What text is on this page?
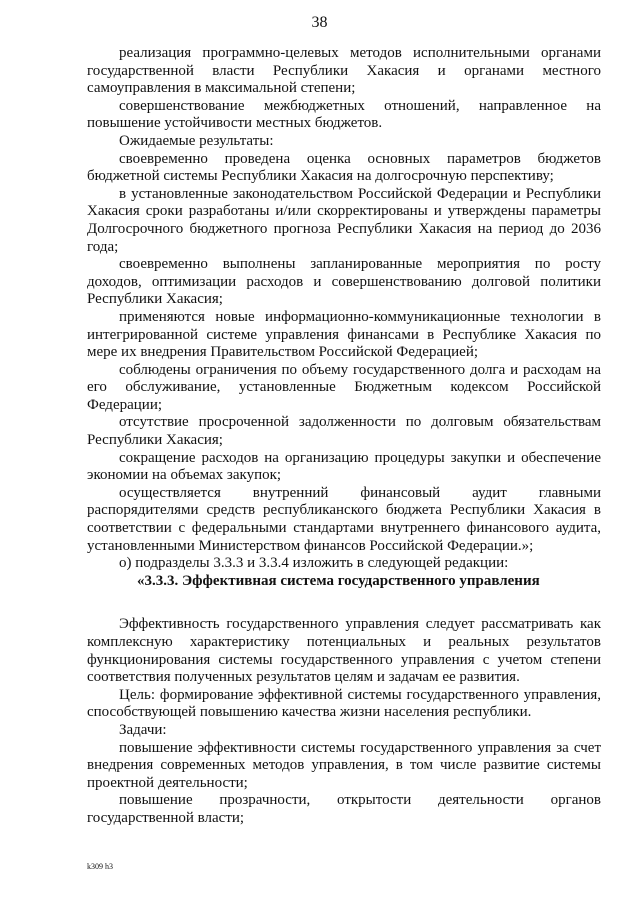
38

реализация программно-целевых методов исполнительными органами государственной власти Республики Хакасия и органами местного самоуправления в максимальной степени;

совершенствование межбюджетных отношений, направленное на повышение устойчивости местных бюджетов.

Ожидаемые результаты:

своевременно проведена оценка основных параметров бюджетов бюджетной системы Республики Хакасия на долгосрочную перспективу;

в установленные законодательством Российской Федерации и Республики Хакасия сроки разработаны и/или скорректированы и утверждены параметры Долгосрочного бюджетного прогноза Республики Хакасия на период до 2036 года;

своевременно выполнены запланированные мероприятия по росту доходов, оптимизации расходов и совершенствованию долговой политики Республики Хакасия;

применяются новые информационно-коммуникационные технологии в интегрированной системе управления финансами в Республике Хакасия по мере их внедрения Правительством Российской Федерацией;

соблюдены ограничения по объему государственного долга и расходам на его обслуживание, установленные Бюджетным кодексом Российской Федерации;

отсутствие просроченной задолженности по долговым обязательствам Республики Хакасия;

сокращение расходов на организацию процедуры закупки и обеспечение экономии на объемах закупок;

осуществляется внутренний финансовый аудит главными распорядителями средств республиканского бюджета Республики Хакасия в соответствии с федеральными стандартами внутреннего финансового аудита, установленными Министерством финансов Российской Федерации.»;

о) подразделы 3.3.3 и 3.3.4 изложить в следующей редакции:

«3.3.3. Эффективная система государственного управления

Эффективность государственного управления следует рассматривать как комплексную характеристику потенциальных и реальных результатов функционирования системы государственного управления с учетом степени соответствия полученных результатов целям и задачам ее развития.

Цель: формирование эффективной системы государственного управления, способствующей повышению качества жизни населения республики.

Задачи:

повышение эффективности системы государственного управления за счет внедрения современных методов управления, в том числе развитие системы проектной деятельности;

повышение прозрачности, открытости деятельности органов государственной власти;

k309 h3
